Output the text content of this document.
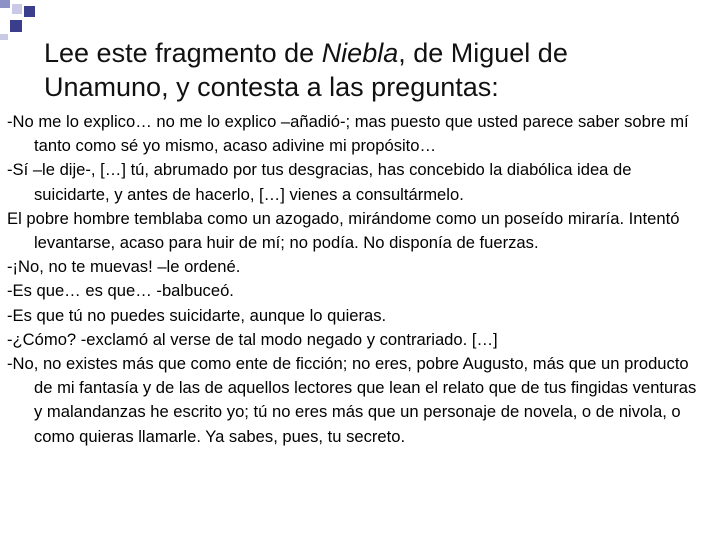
Lee este fragmento de Niebla, de Miguel de Unamuno, y contesta a las preguntas:

-No me lo explico… no me lo explico –añadió-; mas puesto que usted parece saber sobre mí tanto como sé yo mismo, acaso adivine mi propósito…

-Sí –le dije-, […] tú, abrumado por tus desgracias, has concebido la diabólica idea de suicidarte, y antes de hacerlo, […] vienes a consultármelo.

El pobre hombre temblaba como un azogado, mirándome como un poseído miraría. Intentó levantarse, acaso para huir de mí; no podía. No disponía de fuerzas.

-¡No, no te muevas! –le ordené.

-Es que… es que… -balbuceó.

-Es que tú no puedes suicidarte, aunque lo quieras.

-¿Cómo? -exclamó al verse de tal modo negado y contrariado. […]

-No, no existes más que como ente de ficción; no eres, pobre Augusto, más que un producto de mi fantasía y de las de aquellos lectores que lean el relato que de tus fingidas venturas y malandanzas he escrito yo; tú no eres más que un personaje de novela, o de nivola, o como quieras llamarle. Ya sabes, pues, tu secreto.
